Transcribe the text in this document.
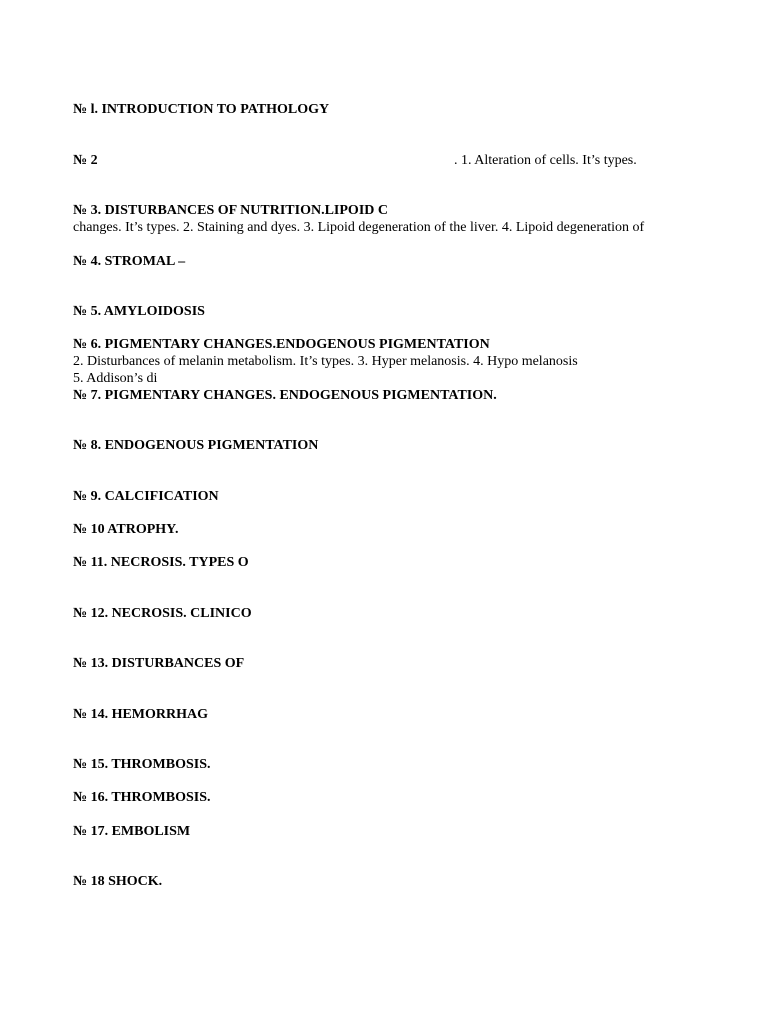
№ l. INTRODUCTION TO PATHOLOGY
№ 2	. 1. Alteration of cells. It’s types.
№ 3. DISTURBANCES OF NUTRITION.LIPOID C
changes. It’s types. 2. Staining and dyes. 3. Lipoid degeneration of the liver. 4. Lipoid degeneration of
№ 4. STROMAL –
№ 5. AMYLOIDOSIS
№ 6. PIGMENTARY CHANGES.ENDOGENOUS PIGMENTATION
2. Disturbances of melanin metabolism. It’s types. 3. Hyper melanosis. 4. Hypo melanosis
5. Addison’s di
№ 7. PIGMENTARY CHANGES. ENDOGENOUS PIGMENTATION.
№ 8. ENDOGENOUS PIGMENTATION
№ 9. CALCIFICATION
№ 10 ATROPHY.
№ 11. NECROSIS. TYPES O
№ 12. NECROSIS. CLINICO
№ 13. DISTURBANCES OF
№ 14. HEMORRHAG
№ 15. THROMBOSIS.
№ 16. THROMBOSIS.
№ 17. EMBOLISM
№ 18 SHOCK.
